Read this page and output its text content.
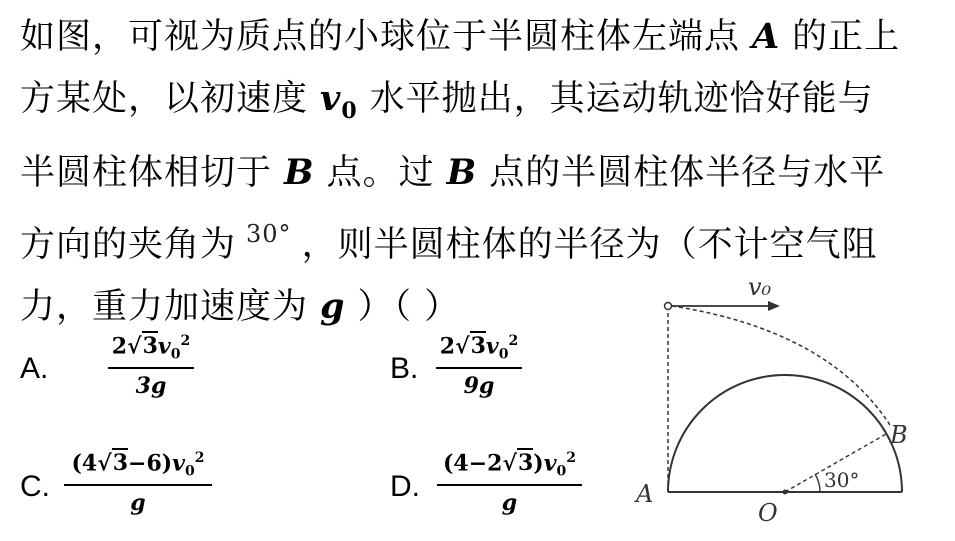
如图，可视为质点的小球位于半圆柱体左端点 A 的正上
方某处，以初速度 $v_0$ 水平抛出，其运动轨迹恰好能与
半圆柱体相切于 B 点。过 B 点的半圆柱体半径与水平
方向的夹角为 $^{30^\circ}$ ，则半圆柱体的半径为（不计空气阻
力，重力加速度为 g ）（ ）
A.	$\frac{2√3v_0^2}{3g}$	B. $\frac{2√3v_0^2}{9g}$
C. $\frac{(4√3-6)v_0^2}{g}$	D. $\frac{(4-2√3)v_0^2}{g}$
v₀
A
B
O
30°
